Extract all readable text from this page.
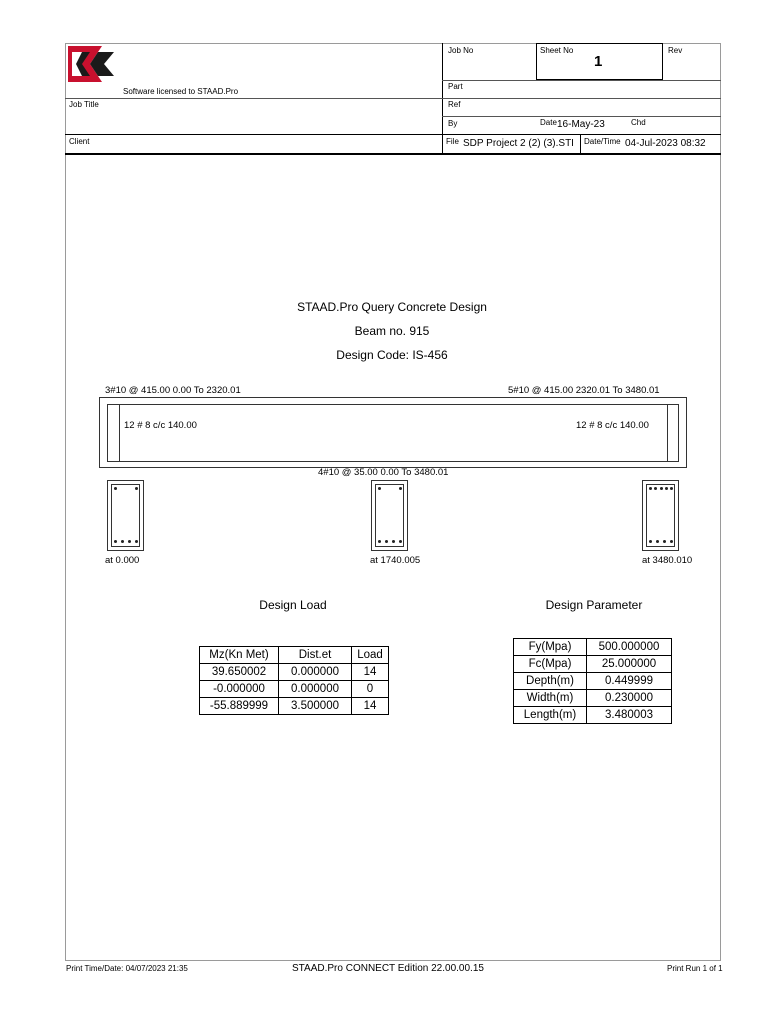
Software licensed to STAAD.Pro
Job Title
Client
Job No	Sheet No
1
Rev
Part
Ref
By	Date 16-May-23	Chd
File SDP Project 2 (2) (3).STI	Date/Time 04-Jul-2023 08:32
STAAD.Pro Query Concrete Design
Beam no. 915
Design Code: IS-456
3#10 @ 415.00 0.00 To 2320.01	5#10 @ 415.00 2320.01 To 3480.01
12 # 8 c/c 140.00	12 # 8 c/c 140.00
4#10 @ 35.00 0.00 To 3480.01
at 0.000	at 1740.005	at 3480.010
Design Load
Mz(Kn Met)	Dist.et	Load
39.650002	0.000000	14
-0.000000	0.000000	0
-55.889999	3.500000	14
Design Parameter
Fy(Mpa)	500.000000
Fc(Mpa)	25.000000
Depth(m)	0.449999
Width(m)	0.230000
Length(m)	3.480003
Print Time/Date: 04/07/2023 21:35	STAAD.Pro CONNECT Edition 22.00.00.15	Print Run 1 of 1
